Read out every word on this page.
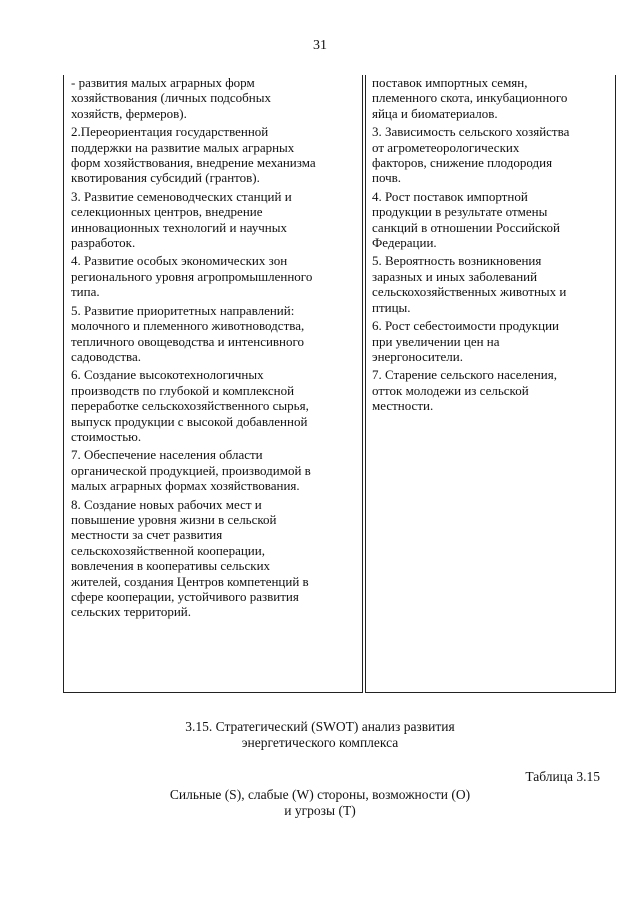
31
- развития малых аграрных форм
хозяйствования (личных подсобных
хозяйств, фермеров).
2.Переориентация государственной
поддержки на развитие малых аграрных
форм хозяйствования, внедрение механизма
квотирования субсидий (грантов).
3. Развитие семеноводческих станций и
селекционных центров, внедрение
инновационных технологий и научных
разработок.
4. Развитие особых экономических зон
регионального уровня агропромышленного
типа.
5. Развитие приоритетных направлений:
молочного и племенного животноводства,
тепличного овощеводства и интенсивного
садоводства.
6. Создание высокотехнологичных
производств по глубокой и комплексной
переработке сельскохозяйственного сырья,
выпуск продукции с высокой добавленной
стоимостью.
7. Обеспечение населения области
органической продукцией, производимой в
малых аграрных формах хозяйствования.
8. Создание новых рабочих мест и
повышение уровня жизни в сельской
местности за счет развития
сельскохозяйственной кооперации,
вовлечения в кооперативы сельских
жителей, создания Центров компетенций в
сфере кооперации, устойчивого развития
сельских территорий.
поставок импортных семян,
племенного скота, инкубационного
яйца и биоматериалов.
3. Зависимость сельского хозяйства
от агрометеорологических
факторов, снижение плодородия
почв.
4. Рост поставок импортной
продукции в результате отмены
санкций в отношении Российской
Федерации.
5. Вероятность возникновения
заразных и иных заболеваний
сельскохозяйственных животных и
птицы.
6. Рост себестоимости продукции
при увеличении цен на
энергоносители.
7. Старение сельского населения,
отток молодежи из сельской
местности.
3.15. Стратегический (SWOT) анализ развития
энергетического комплекса
Таблица 3.15
Сильные (S), слабые (W) стороны, возможности (O)
и угрозы (T)
